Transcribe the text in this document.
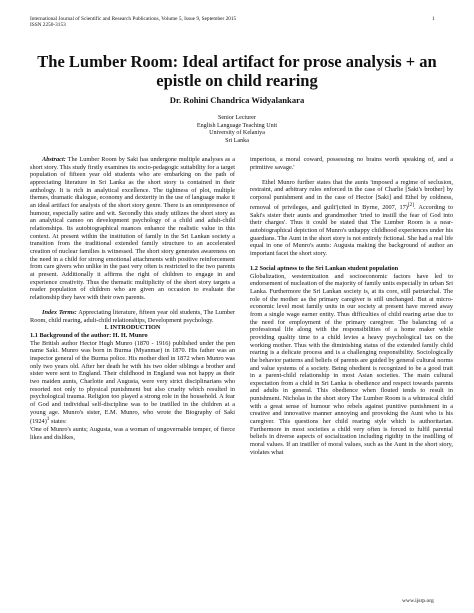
International Journal of Scientific and Research Publications, Volume 5, Issue 9, September 2015
ISSN 2250-3153
1
The Lumber Room: Ideal artifact for prose analysis + an epistle on child rearing
Dr. Rohini Chandrica Widyalankara
Senior Lecturer
English Language Teaching Unit
University of Kelaniya
Sri Lanka

Abstract: The Lumber Room by Saki has undergone multiple analyses as a short story. This study firstly examines its socio-pedagogic suitability for a target population of fifteen year old students who are embarking on the path of appreciating literature in Sri Lanka as the short story is contained in their anthology. It is rich in analytical excellence. The tightness of plot, multiple themes, dramatic dialogue, economy and dexterity in the use of language make it an ideal artifact for analysis of the short story genre. There is an omnipresence of humour, especially satire and wit. Secondly this study utilizes the short story as an analytical cameo on development psychology of a child and adult-child relationships. Its autobiographical nuances enhance the realistic value in this context. At present within the institution of family in the Sri Lankan society a transition from the traditional extended family structure to an accelerated creation of nuclear families is witnessed. The short story generates awareness on the need in a child for strong emotional attachments with positive reinforcement from care givers who unlike in the past very often is restricted to the two parents at present. Additionally it affirms the right of children to engage in and experience creativity. Thus the thematic multiplicity of the short story targets a reader population of children who are given an occasion to evaluate the relationship they have with their own parents.

Index Terms: Appreciating literature, fifteen year old students, The Lumber Room, child rearing, adult-child relationships, Development psychology.

I. INTRODUCTION

1.1 Background of the author: H. H. Munro

The British author Hector Hugh Munro (1870 - 1916) published under the pen name Saki. Munro was born in Burma (Myanmar) in 1870. His father was an inspector general of the Burma police. His mother died in 1872 when Munro was only two years old. After her death he with his two older siblings a brother and sister were sent to England. Their childhood in England was not happy as their two maiden aunts, Charlotte and Augusta, were very strict disciplinarians who resorted not only to physical punishment but also cruelty which resulted in psychological trauma. Religion too played a strong role in the household. A fear of God and individual self-discipline was to be instilled in the children at a young age. Munro's sister, E.M. Munro, who wrote the Biography of Saki $(1924)^1$ states:

'One of Munro's aunts; Augusta, was a woman of ungovernable temper, of fierce likes and dislikes,

imperious, a moral coward, possessing no brains worth speaking of, and a primitive savage.'

Ethel Munro further states that the aunts 'imposed a regime of seclusion, restraint, and arbitrary rules enforced in the case of Charlie [Saki's brother] by corporal punishment and in the case of Hector [Saki] and Ethel by coldness, removal of privileges, and guilt'(cited in Byrne, 2007, 17)[2]. According to Saki's sister their aunts and grandmother 'tried to instill the fear of God into their charges'. Thus it could be stated that The Lumber Room is a near-autobiographical depiction of Munro's unhappy childhood experiences under his guardians. The Aunt in the short story is not entirely fictional. She had a real life equal in one of Munro's aunts: Augusta making the background of author an important facet the short story.

1.2 Social aptness to the Sri Lankan student population

Globalization, westernization and socioeconomic factors have led to endorsement of nucleation of the majority of family units especially in urban Sri Lanka. Furthermore the Sri Lankan society is, at its core, still patriarchal. The role of the mother as the primary caregiver is still unchanged. But at micro-economic level most family units in our society at present have moved away from a single wage earner entity. Thus difficulties of child rearing arise due to the need for employment of the primary caregiver. The balancing of a professional life along with the responsibilities of a home maker while providing quality time to a child levies a heavy psychological tax on the working mother. Thus with the diminishing status of the extended family child rearing is a delicate process and is a challenging responsibility. Sociologically the behavior patterns and beliefs of parents are guided by general cultural norms and value systems of a society. Being obedient is recognized to be a good trait in a parent-child relationship in most Asian societies. The main cultural expectation from a child in Sri Lanka is obedience and respect towards parents and adults in general. This obedience when flouted tends to result in punishment. Nicholas in the short story The Lumber Room is a whimsical child with a great sense of humour who rebels against punitive punishment in a creative and innovative manner annoying and provoking the Aunt who is his caregiver. This questions her child rearing style which is authoritarian. Furthermore in most societies a child very often is forced to fulfil parental beliefs in diverse aspects of socialization including rigidity in the instilling of moral values. If an instiller of moral values, such as the Aunt in the short story, violates what

www.ijsrp.org
